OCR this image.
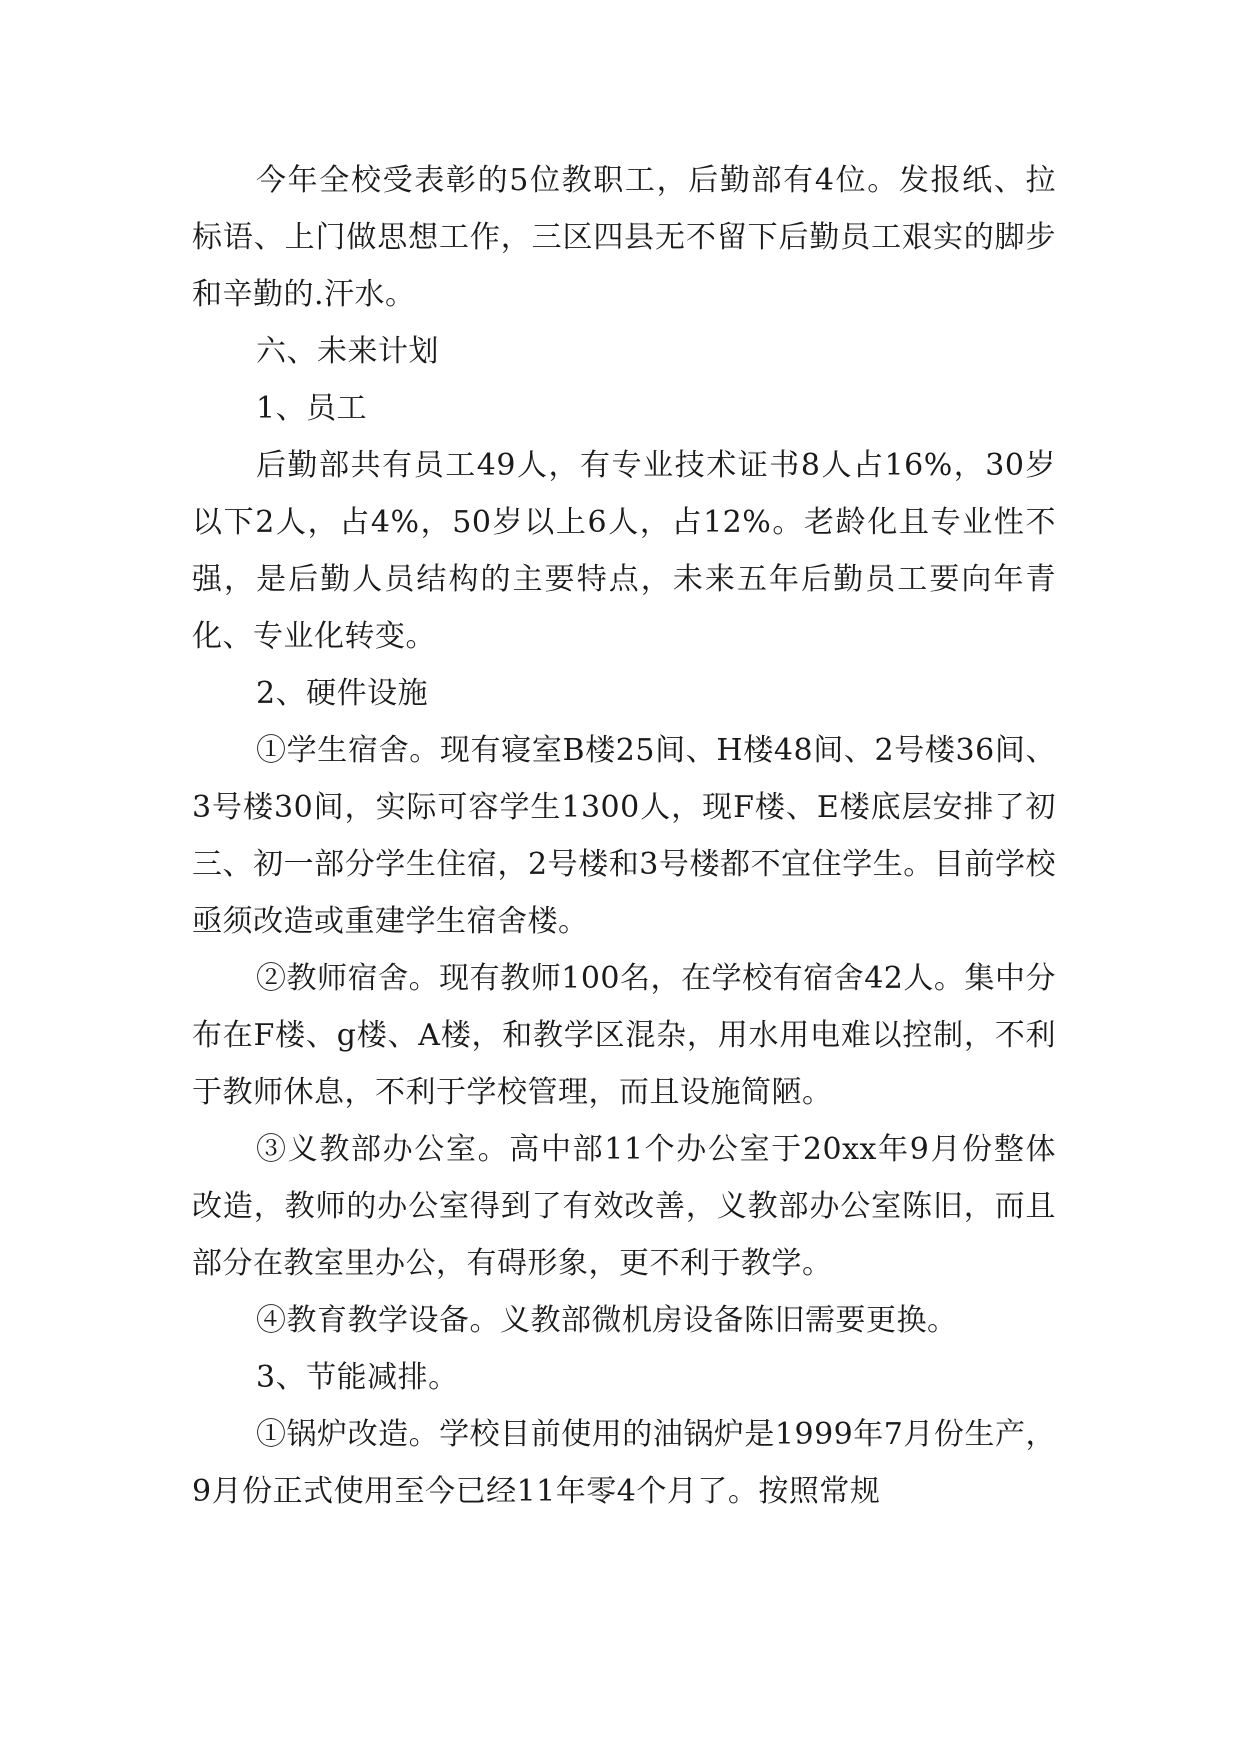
今年全校受表彰的5位教职工，后勤部有4位。发报纸、拉标语、上门做思想工作，三区四县无不留下后勤员工艰实的脚步和辛勤的.汗水。

六、未来计划

1、员工

后勤部共有员工49人，有专业技术证书8人占16%，30岁以下2人，占4%，50岁以上6人，占12%。老龄化且专业性不强，是后勤人员结构的主要特点，未来五年后勤员工要向年青化、专业化转变。

2、硬件设施

①学生宿舍。现有寝室B楼25间、H楼48间、2号楼36间、3号楼30间，实际可容学生1300人，现F楼、E楼底层安排了初三、初一部分学生住宿，2号楼和3号楼都不宜住学生。目前学校亟须改造或重建学生宿舍楼。

②教师宿舍。现有教师100名，在学校有宿舍42人。集中分布在F楼、g楼、A楼，和教学区混杂，用水用电难以控制，不利于教师休息，不利于学校管理，而且设施简陋。

③义教部办公室。高中部11个办公室于20xx年9月份整体改造，教师的办公室得到了有效改善，义教部办公室陈旧，而且部分在教室里办公，有碍形象，更不利于教学。

④教育教学设备。义教部微机房设备陈旧需要更换。

3、节能减排。

①锅炉改造。学校目前使用的油锅炉是1999年7月份生产，9月份正式使用至今已经11年零4个月了。按照常规
